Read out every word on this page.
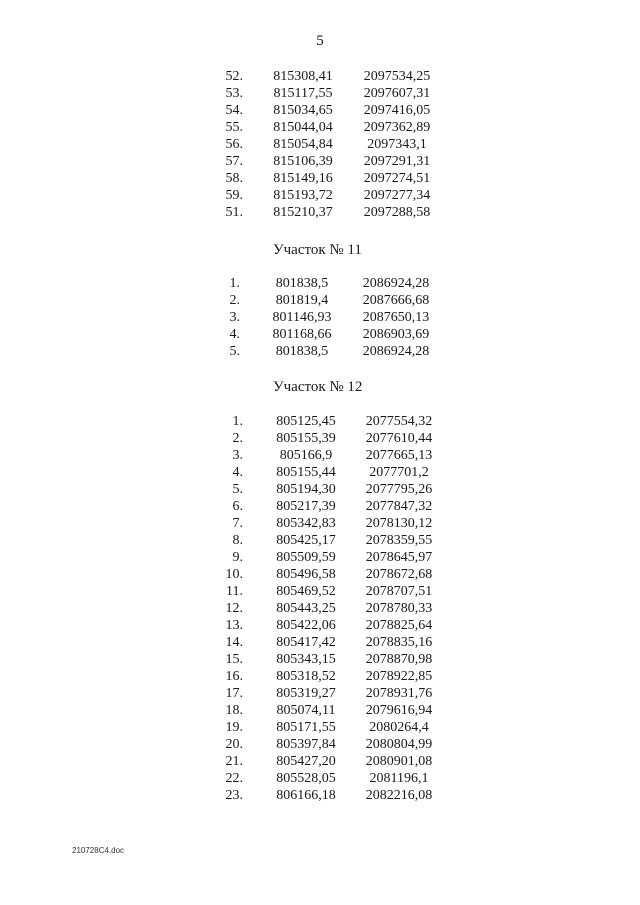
5
52.	815308,41	2097534,25
53.	815117,55	2097607,31
54.	815034,65	2097416,05
55.	815044,04	2097362,89
56.	815054,84	2097343,1
57.	815106,39	2097291,31
58.	815149,16	2097274,51
59.	815193,72	2097277,34
51.	815210,37	2097288,58
Участок № 11
1.	801838,5	2086924,28
2.	801819,4	2087666,68
3.	801146,93	2087650,13
4.	801168,66	2086903,69
5.	801838,5	2086924,28
Участок № 12
1.	805125,45	2077554,32
2.	805155,39	2077610,44
3.	805166,9	2077665,13
4.	805155,44	2077701,2
5.	805194,30	2077795,26
6.	805217,39	2077847,32
7.	805342,83	2078130,12
8.	805425,17	2078359,55
9.	805509,59	2078645,97
10.	805496,58	2078672,68
11.	805469,52	2078707,51
12.	805443,25	2078780,33
13.	805422,06	2078825,64
14.	805417,42	2078835,16
15.	805343,15	2078870,98
16.	805318,52	2078922,85
17.	805319,27	2078931,76
18.	805074,11	2079616,94
19.	805171,55	2080264,4
20.	805397,84	2080804,99
21.	805427,20	2080901,08
22.	805528,05	2081196,1
23.	806166,18	2082216,08
210728C4.doc
